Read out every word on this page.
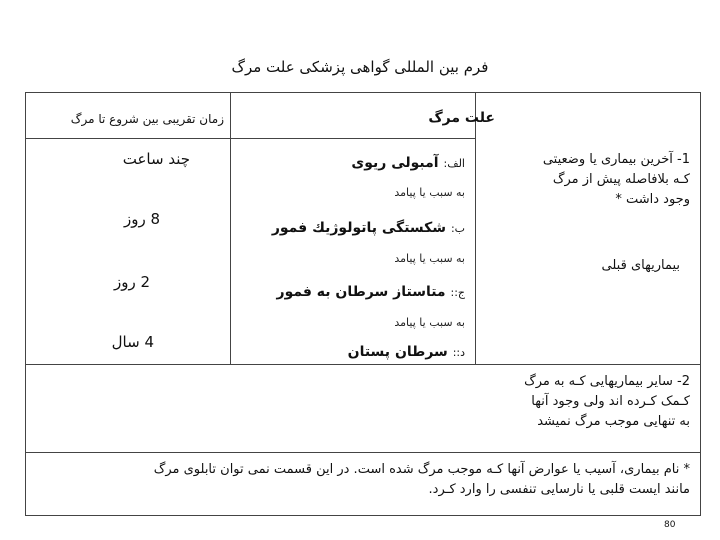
فرم بین المللی گواهی پزشکی علت مرگ
زمان تقریبی بین شروع تا مرگ	علت مرگ
چند ساعت
8 روز
2 روز
4 سال
الف: آمبولی ریوی
به سبب یا پیامد
ب: شکستگی پاتولوژیك فمور
به سبب یا پیامد
ج:: متاستاز سرطان به فمور
به سبب یا پیامد
د:: سرطان پستان
1- آخرین بیماری یا وضعیتی
کـه بلافاصله پیش از مرگ
وجود داشت *
بیماریهای قبلی
2- سایر بیماریهایی کـه به مرگ
کـمک کـرده اند ولی وجود آنها
به تنهایی موجب مرگ نمیشد
* نام بیماری، آسیب یا عوارض آنها کـه موجب مرگ شده است. در این قسمت نمی توان تابلوی مرگ
مانند ایست قلبی یا نارسایی تنفسی را وارد کـرد.
80
